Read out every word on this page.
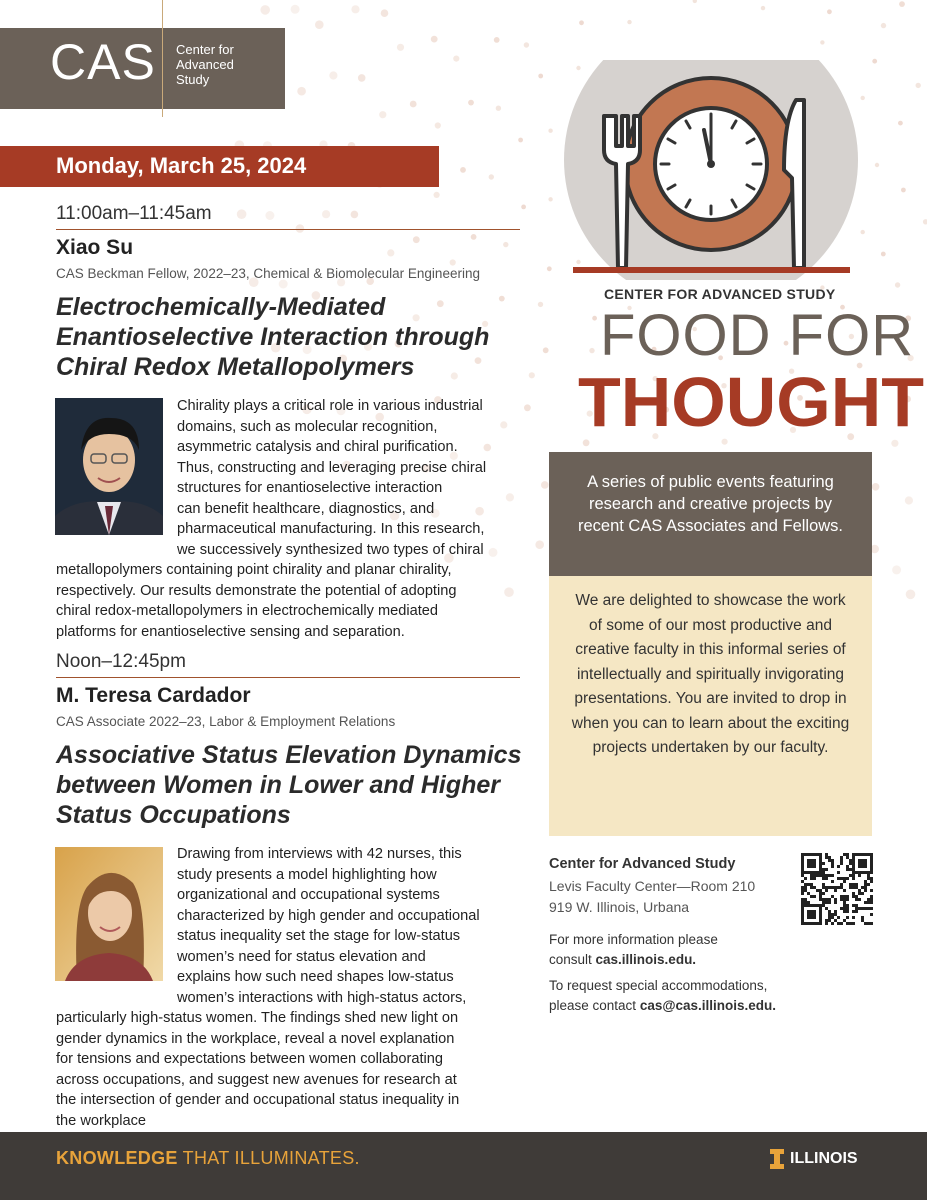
CAS Center for Advanced Study
Monday, March 25, 2024
11:00am–11:45am
Xiao Su
CAS Beckman Fellow, 2022–23, Chemical & Biomolecular Engineering
Electrochemically-Mediated Enantioselective Interaction through Chiral Redox Metallopolymers
Chirality plays a critical role in various industrial
domains, such as molecular recognition,
asymmetric catalysis and chiral purification.
Thus, constructing and leveraging precise chiral
structures for enantioselective interaction
can benefit healthcare, diagnostics, and
pharmaceutical manufacturing. In this research,
we successively synthesized two types of chiral
metallopolymers containing point chirality and planar chirality,
respectively. Our results demonstrate the potential of adopting
chiral redox-metallopolymers in electrochemically mediated
platforms for enantioselective sensing and separation.
Noon–12:45pm
M. Teresa Cardador
CAS Associate 2022–23, Labor & Employment Relations
Associative Status Elevation Dynamics between Women in Lower and Higher Status Occupations
Drawing from interviews with 42 nurses, this
study presents a model highlighting how
organizational and occupational systems
characterized by high gender and occupational
status inequality set the stage for low-status
women’s need for status elevation and
explains how such need shapes low-status
women’s interactions with high-status actors,
particularly high-status women. The findings shed new light on
gender dynamics in the workplace, reveal a novel explanation
for tensions and expectations between women collaborating
across occupations, and suggest new avenues for research at
the intersection of gender and occupational status inequality in
the workplace
CENTER FOR ADVANCED STUDY
FOOD FOR
THOUGHT
A series of public events featuring research and creative projects by recent CAS Associates and Fellows.
We are delighted to showcase the work of some of our most productive and creative faculty in this informal series of intellectually and spiritually invigorating presentations. You are invited to drop in when you can to learn about the exciting projects undertaken by our faculty.
Center for Advanced Study
Levis Faculty Center—Room 210
919 W. Illinois, Urbana
For more information please
consult cas.illinois.edu.
To request special accommodations,
please contact cas@cas.illinois.edu.
KNOWLEDGE THAT ILLUMINATES.	ILLINOIS
